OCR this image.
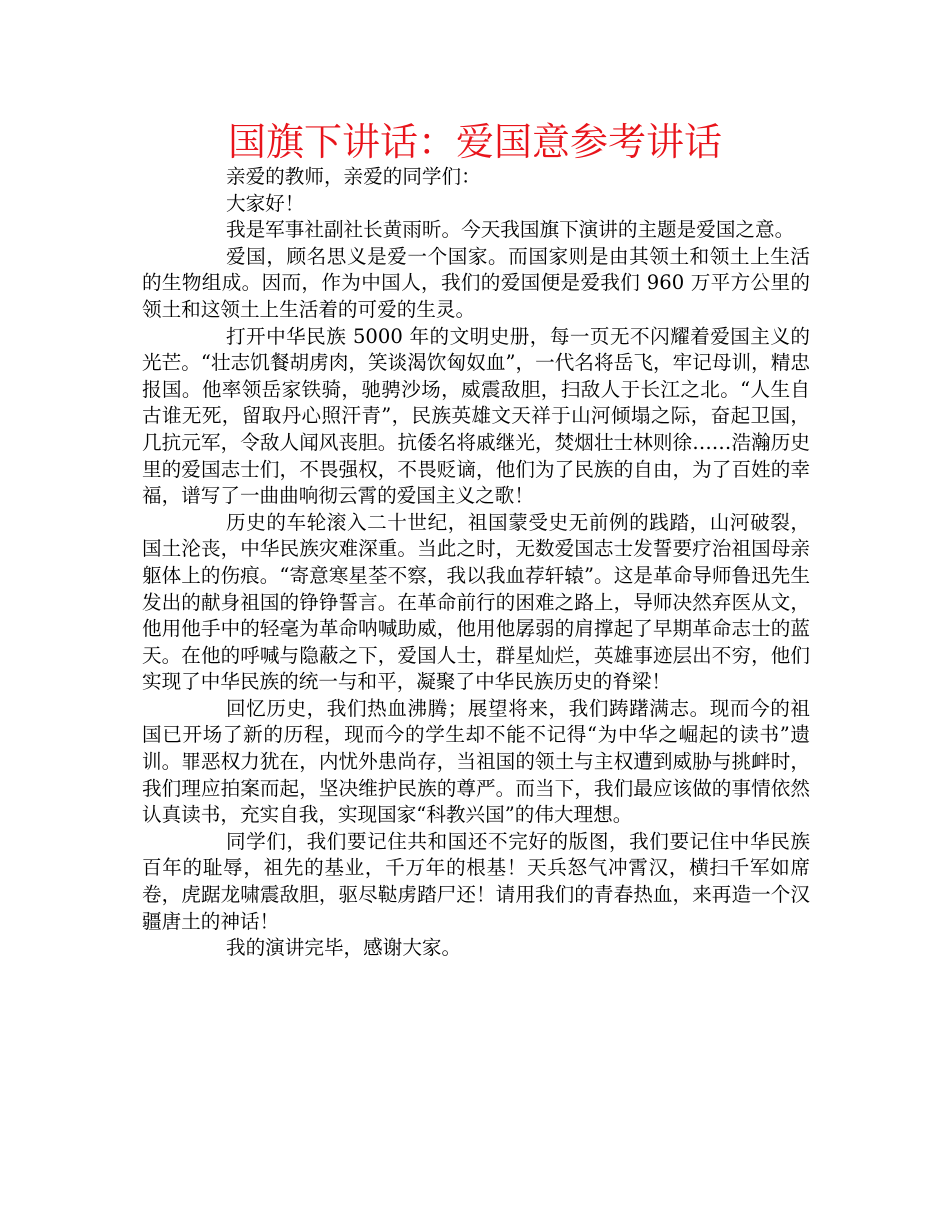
国旗下讲话：爱国意参考讲话

亲爱的教师，亲爱的同学们：

大家好！

我是军事社副社长黄雨昕。今天我国旗下演讲的主题是爱国之意。

爱国，顾名思义是爱一个国家。而国家则是由其领土和领土上生活的生物组成。因而，作为中国人，我们的爱国便是爱我们 960 万平方公里的领土和这领土上生活着的可爱的生灵。

打开中华民族 5000 年的文明史册，每一页无不闪耀着爱国主义的光芒。“壮志饥餐胡虏肉，笑谈渴饮匈奴血”，一代名将岳飞，牢记母训，精忠报国。他率领岳家铁骑，驰骋沙场，威震敌胆，扫敌人于长江之北。“人生自古谁无死，留取丹心照汗青”，民族英雄文天祥于山河倾塌之际，奋起卫国，几抗元军，令敌人闻风丧胆。抗倭名将戚继光，焚烟壮士林则徐……浩瀚历史里的爱国志士们，不畏强权，不畏贬谪，他们为了民族的自由，为了百姓的幸福，谱写了一曲曲响彻云霄的爱国主义之歌！

历史的车轮滚入二十世纪，祖国蒙受史无前例的践踏，山河破裂，国土沦丧，中华民族灾难深重。当此之时，无数爱国志士发誓要疗治祖国母亲躯体上的伤痕。“寄意寒星荃不察，我以我血荐轩辕”。这是革命导师鲁迅先生发出的献身祖国的铮铮誓言。在革命前行的困难之路上，导师决然弃医从文，他用他手中的轻毫为革命呐喊助威，他用他孱弱的肩撑起了早期革命志士的蓝天。在他的呼喊与隐蔽之下，爱国人士，群星灿烂，英雄事迹层出不穷，他们实现了中华民族的统一与和平，凝聚了中华民族历史的脊梁！

回忆历史，我们热血沸腾；展望将来，我们踌躇满志。现而今的祖国已开场了新的历程，现而今的学生却不能不记得“为中华之崛起的读书”遗训。罪恶权力犹在，内忧外患尚存，当祖国的领土与主权遭到威胁与挑衅时，我们理应拍案而起，坚决维护民族的尊严。而当下，我们最应该做的事情依然认真读书，充实自我，实现国家“科教兴国”的伟大理想。

同学们，我们要记住共和国还不完好的版图，我们要记住中华民族百年的耻辱，祖先的基业，千万年的根基！天兵怒气冲霄汉，横扫千军如席卷，虎踞龙啸震敌胆，驱尽鞑虏踏尸还！请用我们的青春热血，来再造一个汉疆唐土的神话！

我的演讲完毕，感谢大家。
